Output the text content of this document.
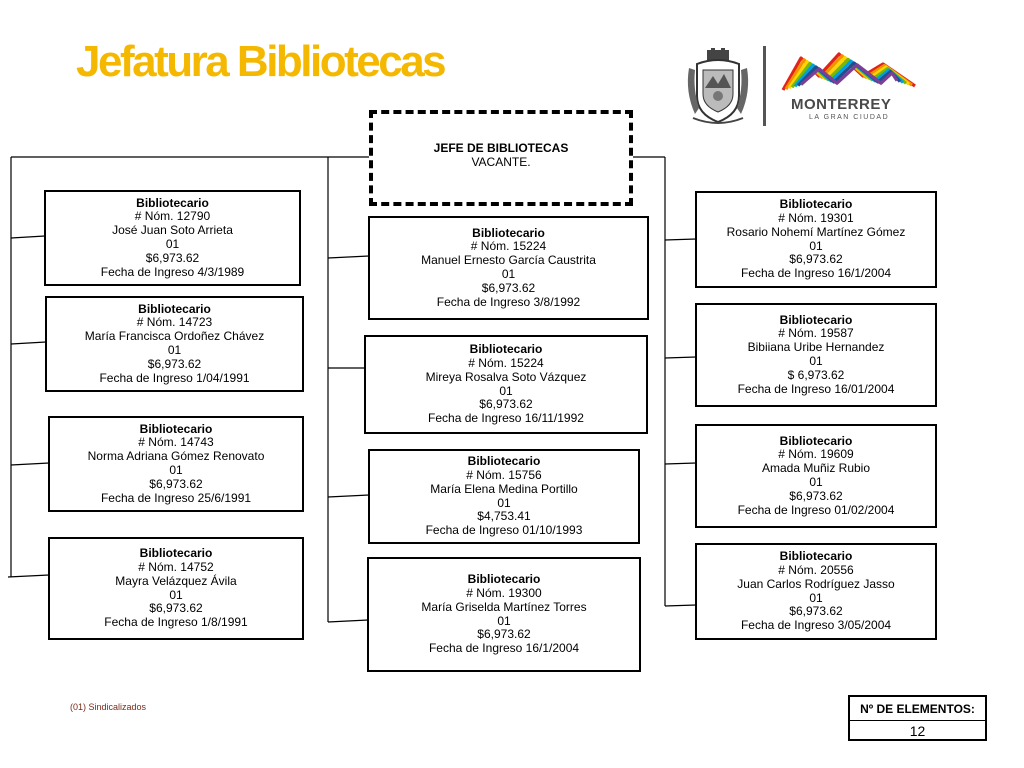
Jefatura Bibliotecas
MONTERREY
LA GRAN CIUDAD
JEFE DE BIBLIOTECAS
VACANTE.
Bibliotecario
# Nóm. 12790
José Juan Soto Arrieta
01
$6,973.62
Fecha de Ingreso 4/3/1989
Bibliotecario
# Nóm. 14723
María Francisca Ordoñez Chávez
01
$6,973.62
Fecha de Ingreso 1/04/1991
Bibliotecario
# Nóm. 14743
Norma Adriana Gómez Renovato
01
$6,973.62
Fecha de Ingreso 25/6/1991
Bibliotecario
# Nóm. 14752
Mayra Velázquez Ávila
01
$6,973.62
Fecha de Ingreso 1/8/1991
Bibliotecario
# Nóm. 15224
Manuel Ernesto García Caustrita
01
$6,973.62
Fecha de Ingreso 3/8/1992
Bibliotecario
# Nóm. 15224
Mireya Rosalva Soto Vázquez
01
$6,973.62
Fecha de Ingreso 16/11/1992
Bibliotecario
# Nóm. 15756
María Elena Medina Portillo
01
$4,753.41
Fecha de Ingreso 01/10/1993
Bibliotecario
# Nóm. 19300
María Griselda Martínez Torres
01
$6,973.62
Fecha de Ingreso 16/1/2004
Bibliotecario
# Nóm. 19301
Rosario Nohemí Martínez Gómez
01
$6,973.62
Fecha de Ingreso 16/1/2004
Bibliotecario
# Nóm. 19587
Bibiiana Uribe Hernandez
01
$ 6,973.62
Fecha de Ingreso 16/01/2004
Bibliotecario
# Nóm. 19609
Amada Muñiz Rubio
01
$6,973.62
Fecha de Ingreso 01/02/2004
Bibliotecario
# Nóm. 20556
Juan Carlos Rodríguez Jasso
01
$6,973.62
Fecha de Ingreso 3/05/2004
(01) Sindicalizados	Nº DE ELEMENTOS:
12
